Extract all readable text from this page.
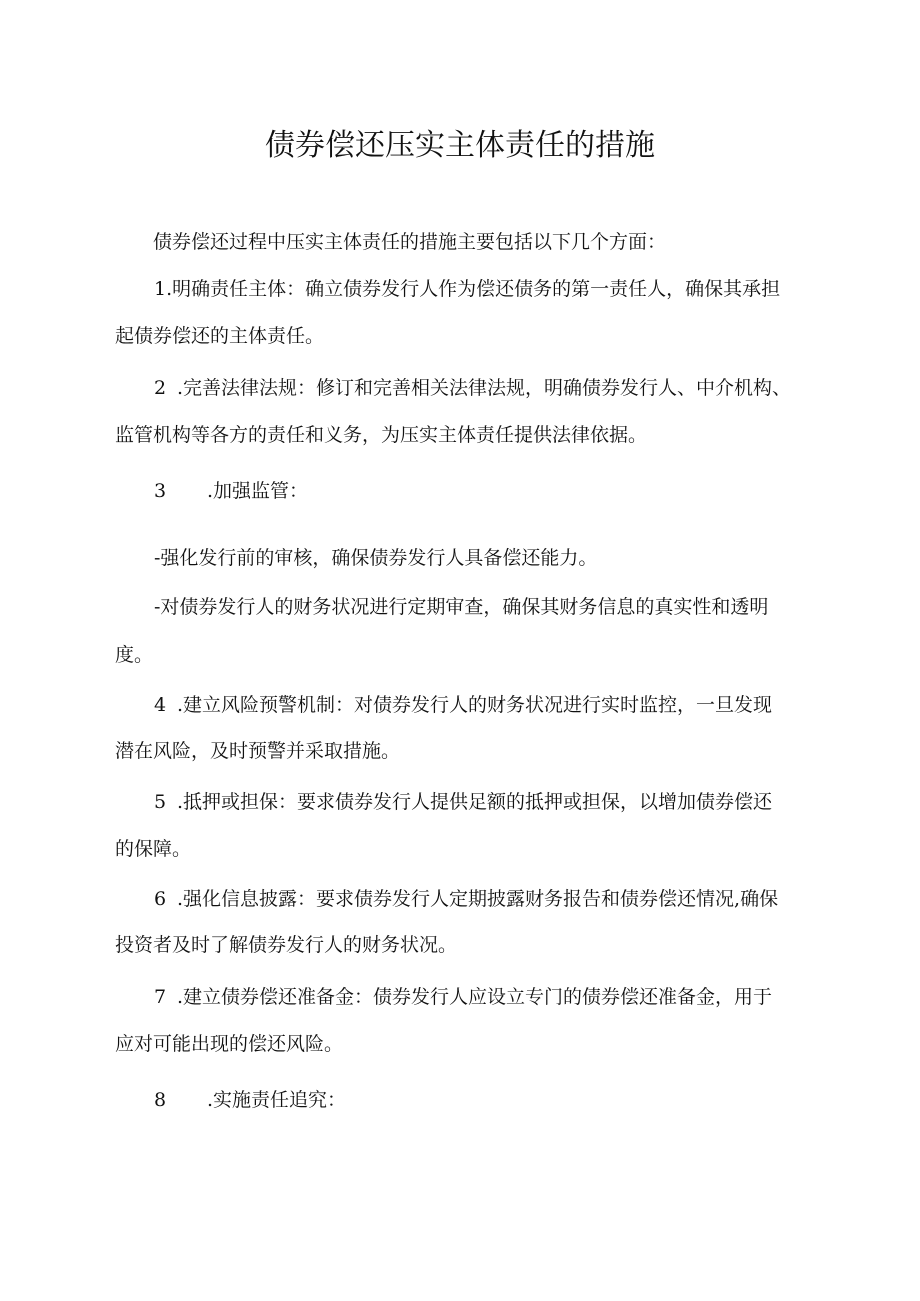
债券偿还压实主体责任的措施
债券偿还过程中压实主体责任的措施主要包括以下几个方面：
1.明确责任主体：确立债券发行人作为偿还债务的第一责任人，确保其承担
起债券偿还的主体责任。
2 .完善法律法规：修订和完善相关法律法规，明确债券发行人、中介机构、
监管机构等各方的责任和义务，为压实主体责任提供法律依据。
3 .加强监管：
-强化发行前的审核，确保债券发行人具备偿还能力。
-对债券发行人的财务状况进行定期审查，确保其财务信息的真实性和透明
度。
4 .建立风险预警机制：对债券发行人的财务状况进行实时监控，一旦发现
潜在风险，及时预警并采取措施。
5 .抵押或担保：要求债券发行人提供足额的抵押或担保，以增加债券偿还
的保障。
6 .强化信息披露：要求债券发行人定期披露财务报告和债券偿还情况,确保
投资者及时了解债券发行人的财务状况。
7 .建立债券偿还准备金：债券发行人应设立专门的债券偿还准备金，用于
应对可能出现的偿还风险。
8 .实施责任追究：
